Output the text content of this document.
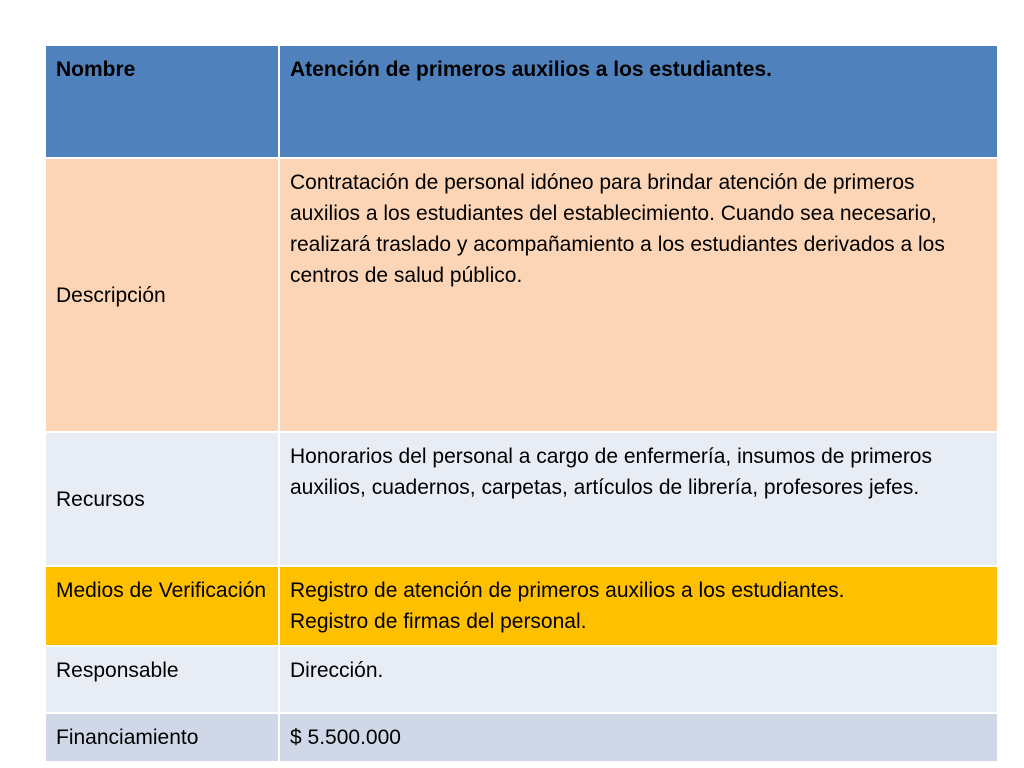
Nombre	Atención de primeros auxilios a los estudiantes.

Descripción	Contratación de personal idóneo para brindar atención de primeros auxilios a los estudiantes del establecimiento. Cuando sea necesario, realizará traslado y acompañamiento a los estudiantes derivados a los centros de salud público.

Recursos	Honorarios del personal a cargo de enfermería, insumos de primeros auxilios, cuadernos, carpetas, artículos de librería, profesores jefes.

Medios de Verificación	Registro de atención de primeros auxilios a los estudiantes.
Registro de firmas del personal.

Responsable	Dirección.

Financiamiento	$ 5.500.000
